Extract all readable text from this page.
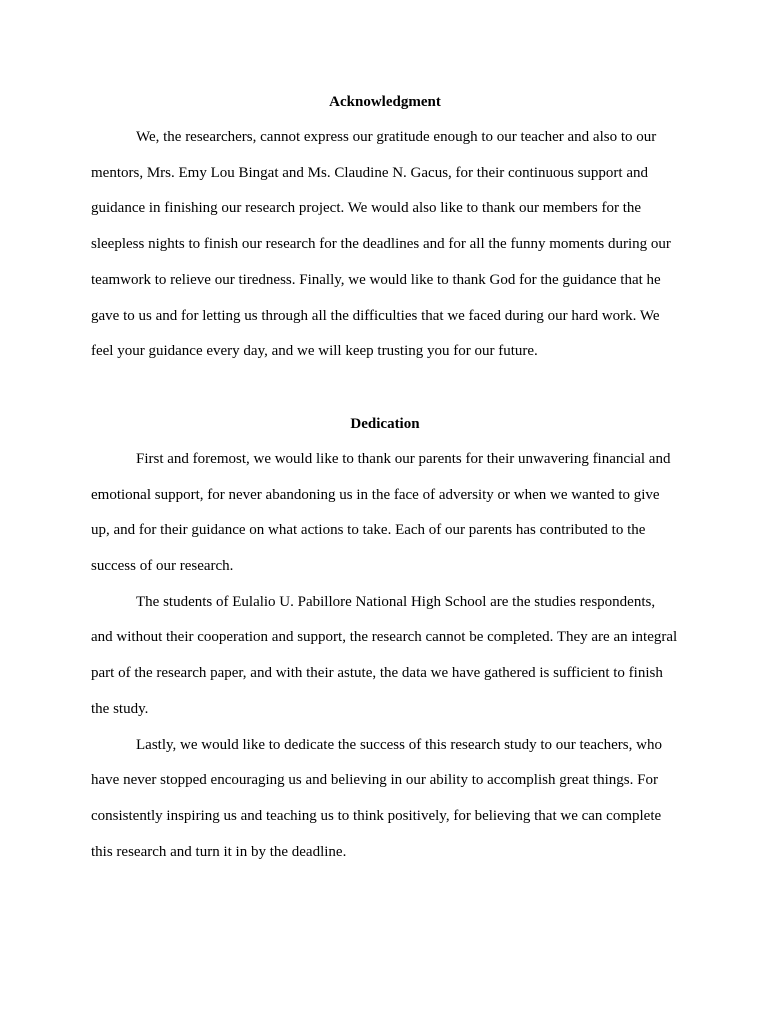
Acknowledgment

We, the researchers, cannot express our gratitude enough to our teacher and also to our mentors, Mrs. Emy Lou Bingat and Ms. Claudine N. Gacus, for their continuous support and guidance in finishing our research project. We would also like to thank our members for the sleepless nights to finish our research for the deadlines and for all the funny moments during our teamwork to relieve our tiredness. Finally, we would like to thank God for the guidance that he gave to us and for letting us through all the difficulties that we faced during our hard work. We feel your guidance every day, and we will keep trusting you for our future.

Dedication

First and foremost, we would like to thank our parents for their unwavering financial and emotional support, for never abandoning us in the face of adversity or when we wanted to give up, and for their guidance on what actions to take. Each of our parents has contributed to the success of our research.

The students of Eulalio U. Pabillore National High School are the studies respondents, and without their cooperation and support, the research cannot be completed. They are an integral part of the research paper, and with their astute, the data we have gathered is sufficient to finish the study.

Lastly, we would like to dedicate the success of this research study to our teachers, who have never stopped encouraging us and believing in our ability to accomplish great things. For consistently inspiring us and teaching us to think positively, for believing that we can complete this research and turn it in by the deadline.
